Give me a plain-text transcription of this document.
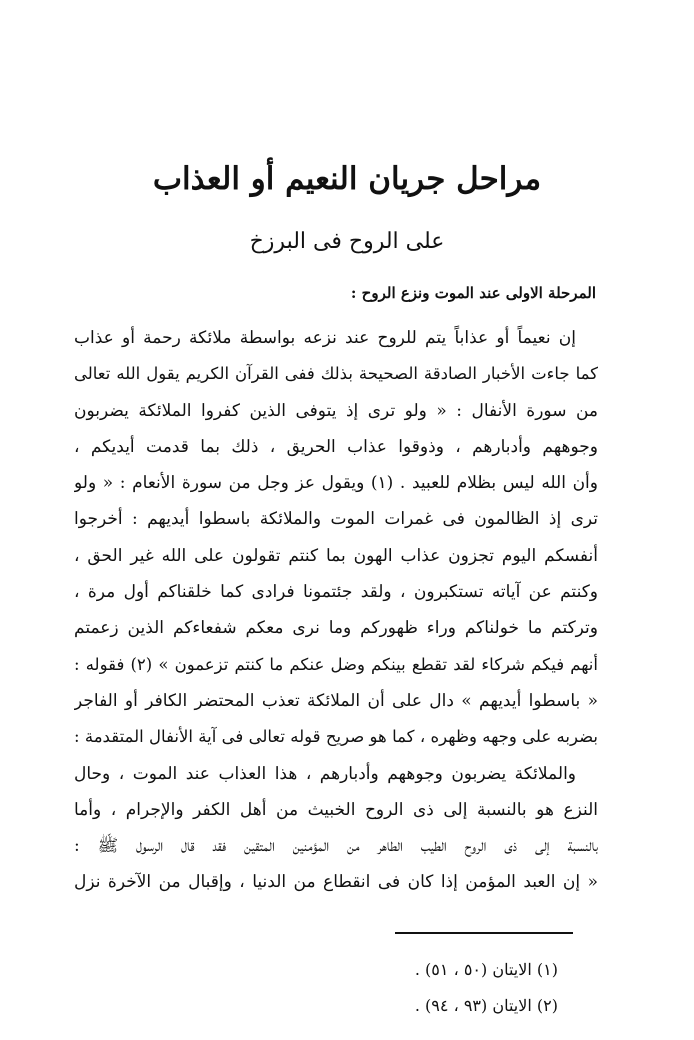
مراحل جريان النعيم أو العذاب
على الروح فى البرزخ
المرحلة الاولى عند الموت ونزع الروح :
إن نعيماً أو عذاباً يتم للروح عند نزعه بواسطة ملائكة رحمة أو عذاب
كما جاءت الأخبار الصادقة الصحيحة بذلك ففى القرآن الكريم يقول الله تعالى
من سورة الأنفال : « ولو ترى إذ يتوفى الذين كفروا الملائكة يضربون
وجوههم وأدبارهم ، وذوقوا عذاب الحريق ، ذلك بما قدمت أيديكم ،
وأن الله ليس بظلام للعبيد . (١) ويقول عز وجل من سورة الأنعام : « ولو
ترى إذ الظالمون فى غمرات الموت والملائكة باسطوا أيديهم : أخرجوا
أنفسكم اليوم تجزون عذاب الهون بما كنتم تقولون على الله غير الحق ،
وكنتم عن آياته تستكبرون ، ولقد جئتمونا فرادى كما خلقناكم أول مرة ،
وتركتم ما خولناكم وراء ظهوركم وما نرى معكم شفعاءكم الذين زعمتم
أنهم فيكم شركاء لقد تقطع بينكم وضل عنكم ما كنتم تزعمون » (٢) فقوله :
« باسطوا أيديهم » دال على أن الملائكة تعذب المحتضر الكافر أو الفاجر
بضربه على وجهه وظهره ، كما هو صريح قوله تعالى فى آية الأنفال المتقدمة :
والملائكة يضربون وجوههم وأدبارهم ، هذا العذاب عند الموت ، وحال
النزع هو بالنسبة إلى ذى الروح الخبيث من أهل الكفر والإجرام ، وأما
بالنسبة إلى ذى الروح الطيب الطاهر من المؤمنين المتقين فقد قال الرسول ﷺ :
« إن العبد المؤمن إذا كان فى انقطاع من الدنيا ، وإقبال من الآخرة نزل
(١) الايتان (٥٠ ، ٥١) .
(٢) الايتان (٩٣ ، ٩٤) .
